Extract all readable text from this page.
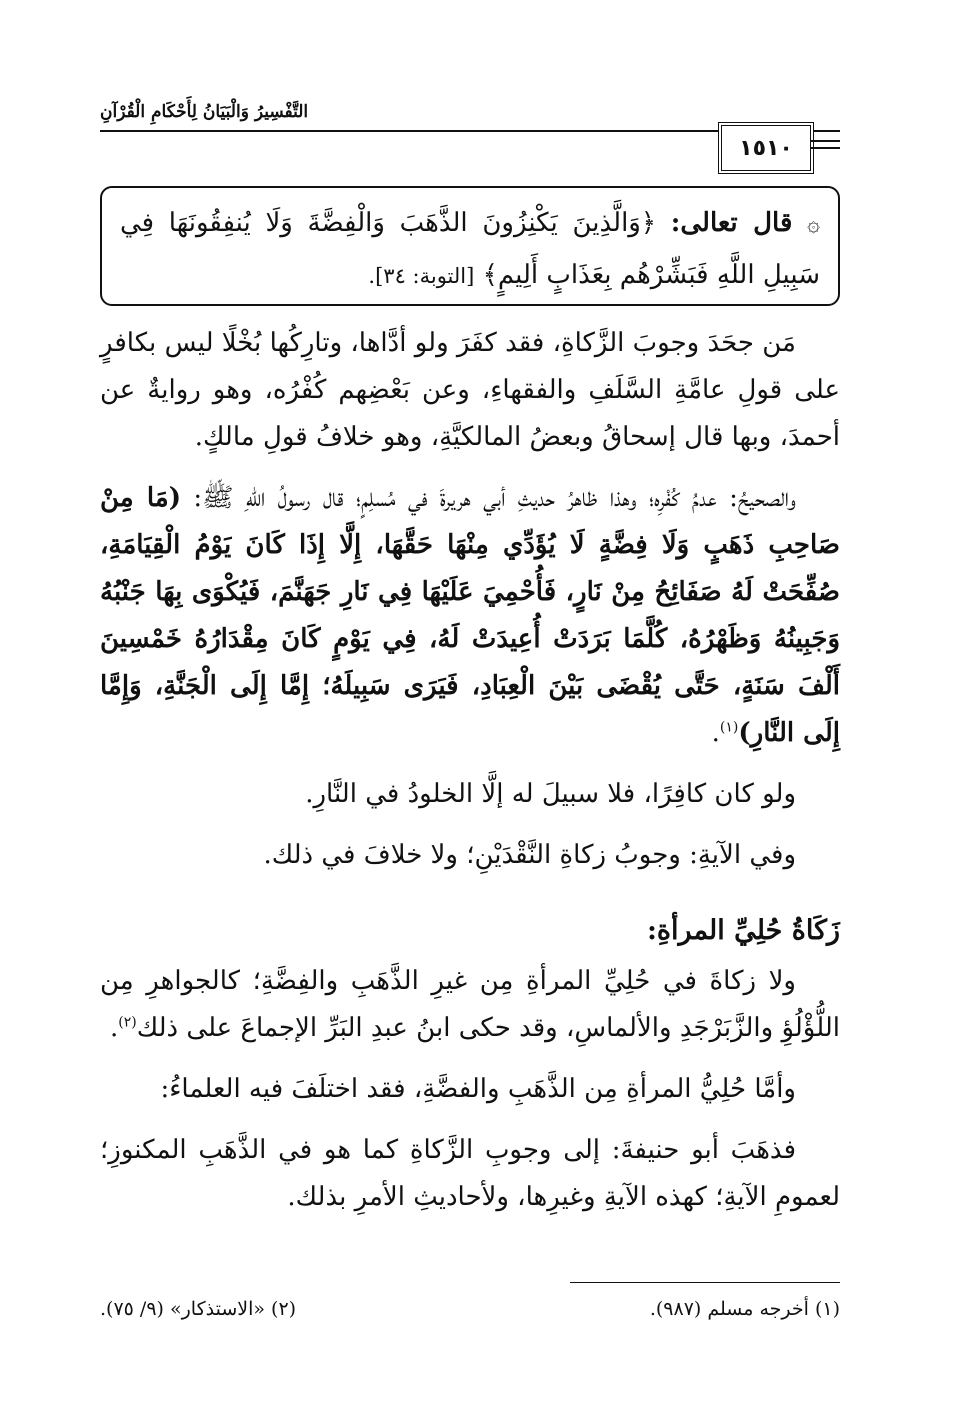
التَّفْسِيرُ وَالْبَيَانُ لِأَحْكَامِ الْقُرْآنِ
١٥١٠
۞ قال تعالى: ﴿وَالَّذِينَ يَكْنِزُونَ الذَّهَبَ وَالْفِضَّةَ وَلَا يُنفِقُونَهَا فِي سَبِيلِ اللَّهِ فَبَشِّرْهُم بِعَذَابٍ أَلِيمٍ﴾ [التوبة: ٣٤].

مَن جحَدَ وجوبَ الزَّكاةِ، فقد كفَرَ ولو أدَّاها، وتارِكُها بُخْلًا ليس بكافرٍ على قولِ عامَّةِ السَّلَفِ والفقهاءِ، وعن بَعْضِهم كُفْرُه، وهو روايةٌ عن أحمدَ، وبها قال إسحاقُ وبعضُ المالكيَّةِ، وهو خلافُ قولِ مالكٍ.

والصحيحُ: عدمُ كُفْرِه؛ وهذا ظاهرُ حديثِ أبي هريرةَ في مُسلِمٍ؛ قال رسولُ اللهِ ﷺ: (مَا مِنْ صَاحِبِ ذَهَبٍ وَلَا فِضَّةٍ لَا يُؤَدِّي مِنْهَا حَقَّهَا، إِلَّا إِذَا كَانَ يَوْمُ الْقِيَامَةِ، صُفِّحَتْ لَهُ صَفَائِحُ مِنْ نَارٍ، فَأُحْمِيَ عَلَيْهَا فِي نَارِ جَهَنَّمَ، فَيُكْوَى بِهَا جَنْبُهُ وَجَبِينُهُ وَظَهْرُهُ، كُلَّمَا بَرَدَتْ أُعِيدَتْ لَهُ، فِي يَوْمٍ كَانَ مِقْدَارُهُ خَمْسِينَ أَلْفَ سَنَةٍ، حَتَّى يُقْضَى بَيْنَ الْعِبَادِ، فَيَرَى سَبِيلَهُ؛ إِمَّا إِلَى الْجَنَّةِ، وَإِمَّا إِلَى النَّارِ)$^{(١)}$.

ولو كان كافِرًا، فلا سبيلَ له إلَّا الخلودُ في النَّارِ.

وفي الآيةِ: وجوبُ زكاةِ النَّقْدَيْنِ؛ ولا خلافَ في ذلك.

زَكَاةُ حُلِيِّ المرأةِ:

ولا زكاةَ في حُلِيِّ المرأةِ مِن غيرِ الذَّهَبِ والفِضَّةِ؛ كالجواهرِ مِن اللُّؤْلُؤِ والزَّبَرْجَدِ والألماسِ، وقد حكى ابنُ عبدِ البَرِّ الإجماعَ على ذلك$^{(٢)}$.

وأمَّا حُلِيُّ المرأةِ مِن الذَّهَبِ والفضَّةِ، فقد اختلَفَ فيه العلماءُ:

فذهَبَ أبو حنيفةَ: إلى وجوبِ الزَّكاةِ كما هو في الذَّهَبِ المكنوزِ؛ لعمومِ الآيةِ؛ كهذه الآيةِ وغيرِها، ولأحاديثِ الأمرِ بذلك.

(١) أخرجه مسلم (٩٨٧).
(٢) «الاستذكار» (٩/ ٧٥).
